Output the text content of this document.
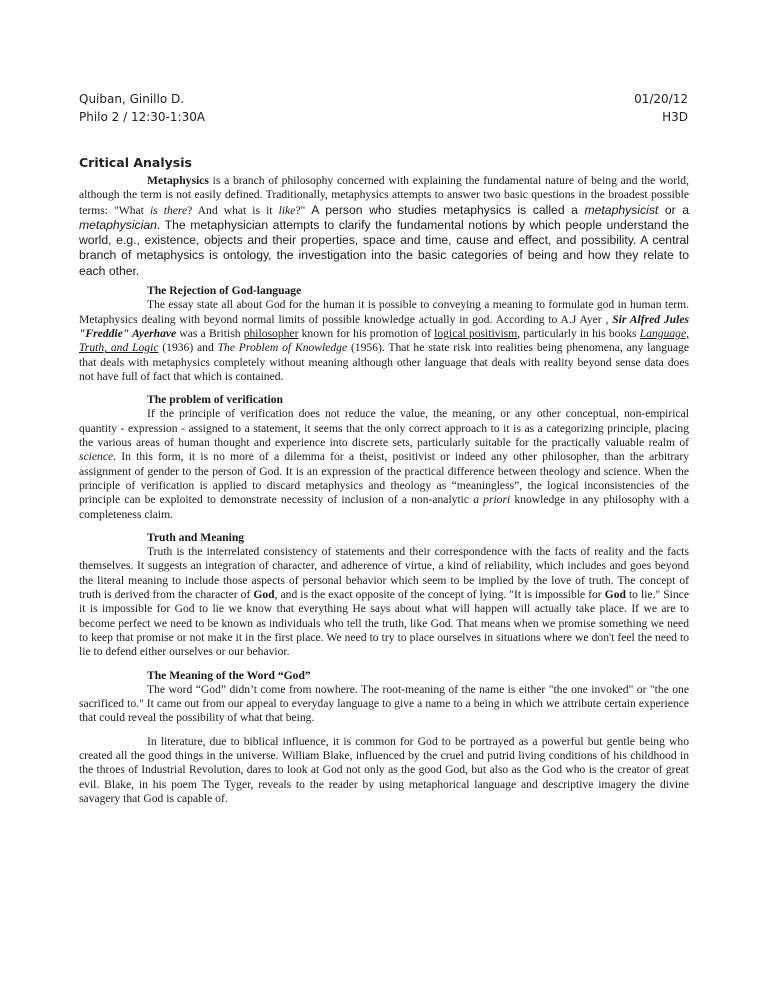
Quiban, Ginillo D.
Philo 2 / 12:30-1:30A
01/20/12
H3D
Critical Analysis

Metaphysics is a branch of philosophy concerned with explaining the fundamental nature of being and the world, although the term is not easily defined. Traditionally, metaphysics attempts to answer two basic questions in the broadest possible terms: "What is there? And what is it like?" A person who studies metaphysics is called a metaphysicist or a metaphysician. The metaphysician attempts to clarify the fundamental notions by which people understand the world, e.g., existence, objects and their properties, space and time, cause and effect, and possibility. A central branch of metaphysics is ontology, the investigation into the basic categories of being and how they relate to each other.

The Rejection of God-language

The essay state all about God for the human it is possible to conveying a meaning to formulate god in human term. Metaphysics dealing with beyond normal limits of possible knowledge actually in god. According to A.J Ayer , Sir Alfred Jules "Freddie" Ayerhave was a British philosopher known for his promotion of logical positivism, particularly in his books Language, Truth, and Logic (1936) and The Problem of Knowledge (1956). That he state risk into realities being phenomena, any language that deals with metaphysics completely without meaning although other language that deals with reality beyond sense data does not have full of fact that which is contained.

The problem of verification

If the principle of verification does not reduce the value, the meaning, or any other conceptual, non-empirical quantity - expression - assigned to a statement, it seems that the only correct approach to it is as a categorizing principle, placing the various areas of human thought and experience into discrete sets, particularly suitable for the practically valuable realm of science. In this form, it is no more of a dilemma for a theist, positivist or indeed any other philosopher, than the arbitrary assignment of gender to the person of God. It is an expression of the practical difference between theology and science. When the principle of verification is applied to discard metaphysics and theology as “meaningless”, the logical inconsistencies of the principle can be exploited to demonstrate necessity of inclusion of a non-analytic a priori knowledge in any philosophy with a completeness claim.

Truth and Meaning

Truth is the interrelated consistency of statements and their correspondence with the facts of reality and the facts themselves. It suggests an integration of character, and adherence of virtue, a kind of reliability, which includes and goes beyond the literal meaning to include those aspects of personal behavior which seem to be implied by the love of truth. The concept of truth is derived from the character of God, and is the exact opposite of the concept of lying. "It is impossible for God to lie." Since it is impossible for God to lie we know that everything He says about what will happen will actually take place. If we are to become perfect we need to be known as individuals who tell the truth, like God. That means when we promise something we need to keep that promise or not make it in the first place. We need to try to place ourselves in situations where we don't feel the need to lie to defend either ourselves or our behavior.

The Meaning of the Word “God”

The word “God” didn’t come from nowhere. The root-meaning of the name is either "the one invoked" or "the one sacrificed to." It came out from our appeal to everyday language to give a name to a being in which we attribute certain experience that could reveal the possibility of what that being.

In literature, due to biblical influence, it is common for God to be portrayed as a powerful but gentle being who created all the good things in the universe. William Blake, influenced by the cruel and putrid living conditions of his childhood in the throes of Industrial Revolution, dares to look at God not only as the good God, but also as the God who is the creator of great evil. Blake, in his poem The Tyger, reveals to the reader by using metaphorical language and descriptive imagery the divine savagery that God is capable of.
